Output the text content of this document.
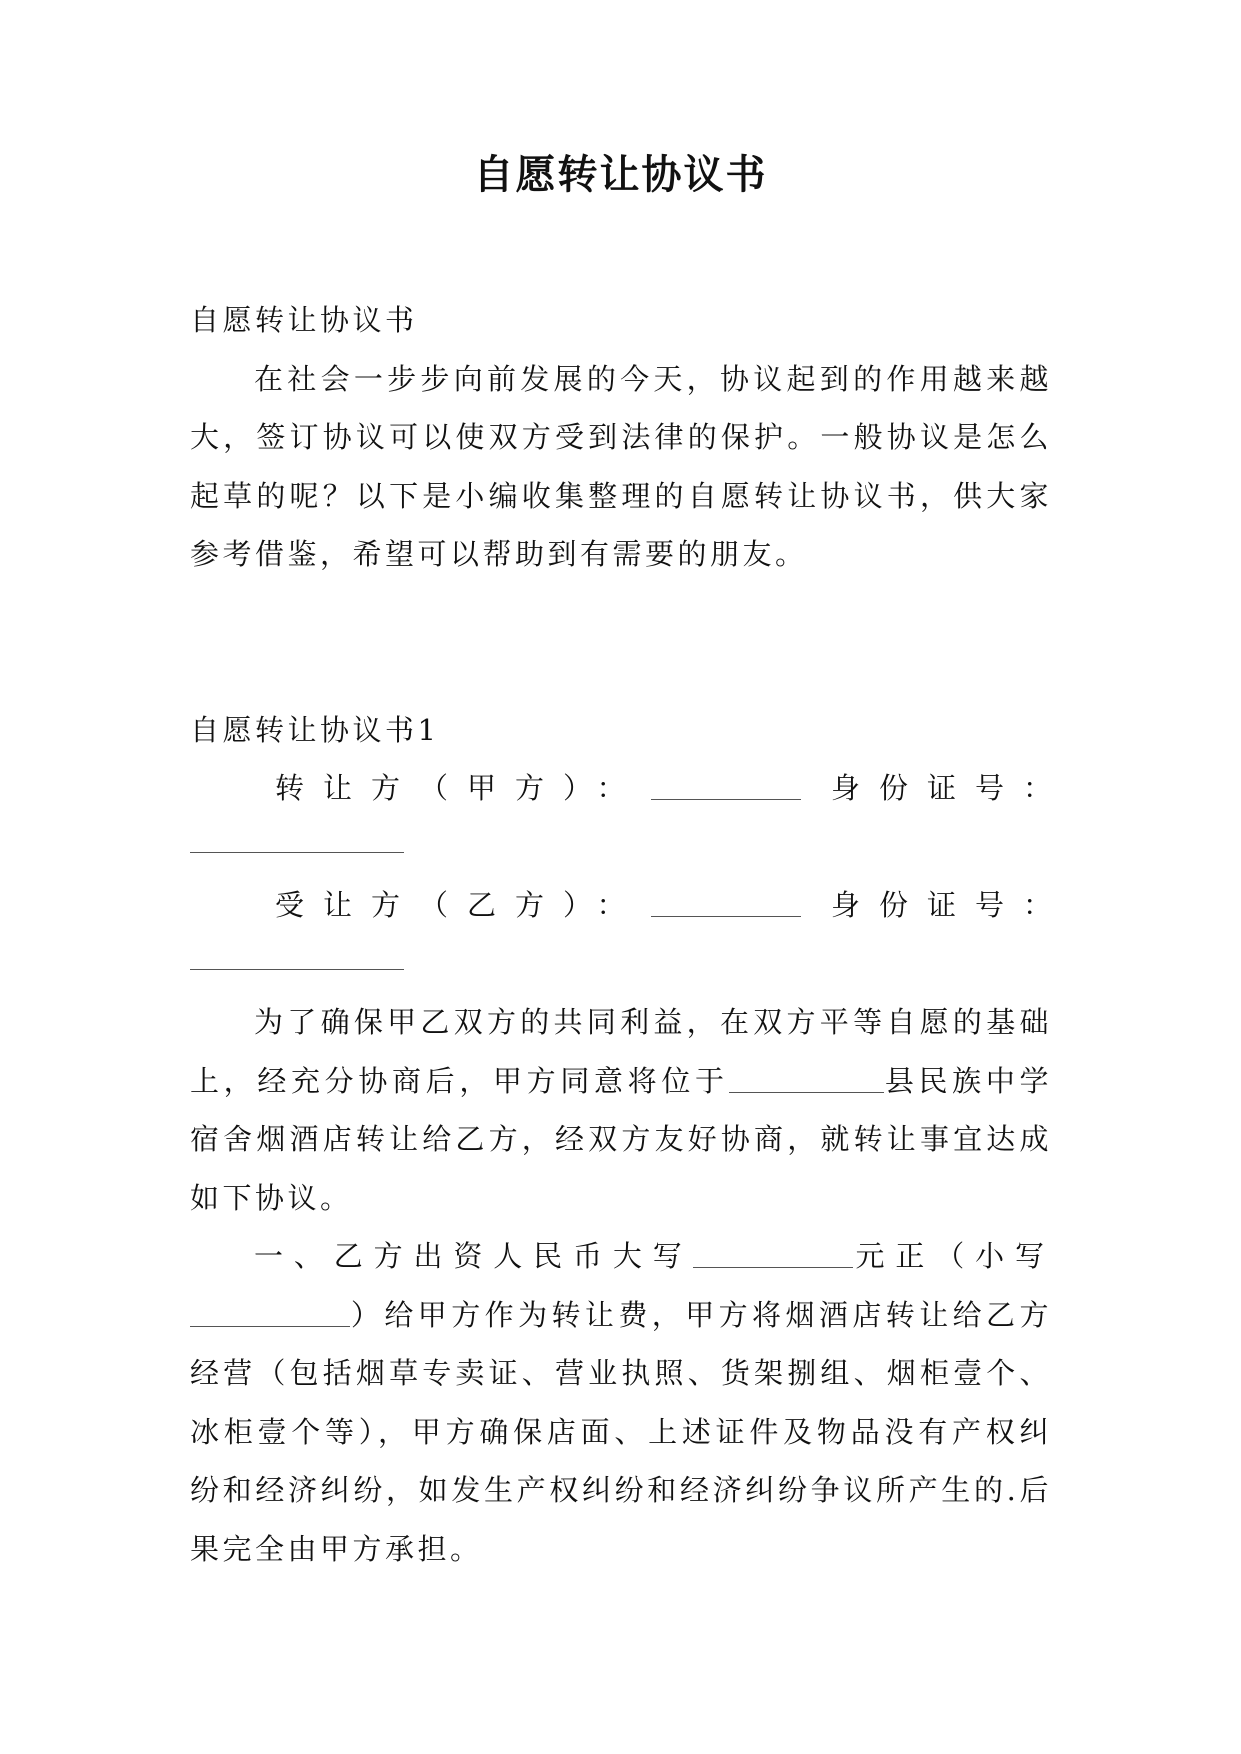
自愿转让协议书

自愿转让协议书

在社会一步步向前发展的今天，协议起到的作用越来越大，签订协议可以使双方受到法律的保护。一般协议是怎么起草的呢？以下是小编收集整理的自愿转让协议书，供大家参考借鉴，希望可以帮助到有需要的朋友。

自愿转让协议书1

转让方（甲方）：	身份证号：
受让方（乙方）：	身份证号：

为了确保甲乙双方的共同利益，在双方平等自愿的基础上，经充分协商后，甲方同意将位于	县民族中学宿舍烟酒店转让给乙方，经双方友好协商，就转让事宜达成如下协议。

一、乙方出资人民币大写	元正（小写）给甲方作为转让费，甲方将烟酒店转让给乙方经营（包括烟草专卖证、营业执照、货架捌组、烟柜壹个、冰柜壹个等），甲方确保店面、上述证件及物品没有产权纠纷和经济纠纷，如发生产权纠纷和经济纠纷争议所产生的.后果完全由甲方承担。
